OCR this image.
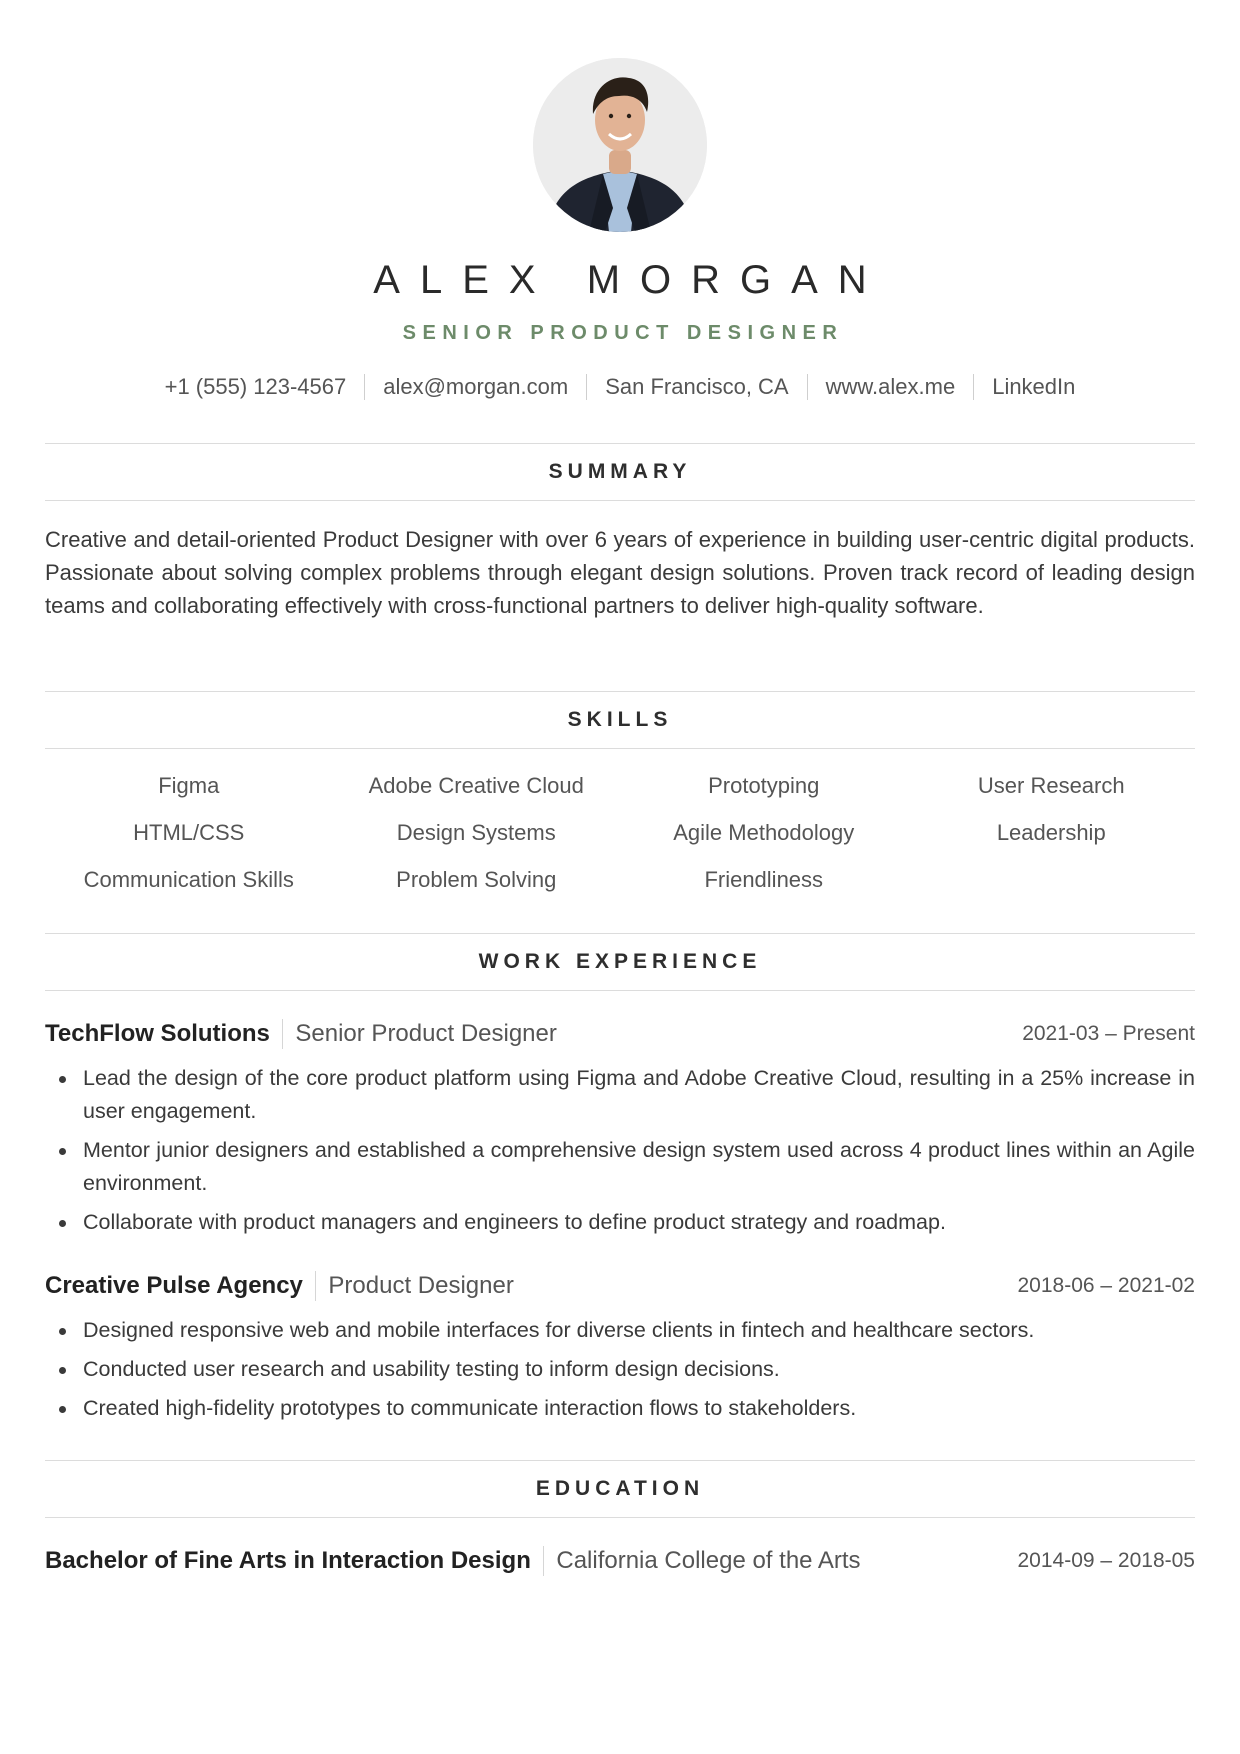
ALEX MORGAN
SENIOR PRODUCT DESIGNER
+1 (555) 123-4567 alex@morgan.com San Francisco, CA www.alex.me LinkedIn
SUMMARY

Creative and detail-oriented Product Designer with over 6 years of experience in building user-centric digital products. Passionate about solving complex problems through elegant design solutions. Proven track record of leading design teams and collaborating effectively with cross-functional partners to deliver high-quality software.

SKILLS
Figma	Adobe Creative Cloud	Prototyping	User Research
HTML/CSS	Design Systems	Agile Methodology	Leadership
Communication Skills	Problem Solving	Friendliness
WORK EXPERIENCE
TechFlow Solutions Senior Product Designer	2021-03 – Present
Lead the design of the core product platform using Figma and Adobe Creative Cloud, resulting in a 25% increase in user engagement.
Mentor junior designers and established a comprehensive design system used across 4 product lines within an Agile environment.
Collaborate with product managers and engineers to define product strategy and roadmap.
Creative Pulse Agency Product Designer	2018-06 – 2021-02
Designed responsive web and mobile interfaces for diverse clients in fintech and healthcare sectors.
Conducted user research and usability testing to inform design decisions.
Created high-fidelity prototypes to communicate interaction flows to stakeholders.
EDUCATION
Bachelor of Fine Arts in Interaction Design California College of the Arts	2014-09 – 2018-05
